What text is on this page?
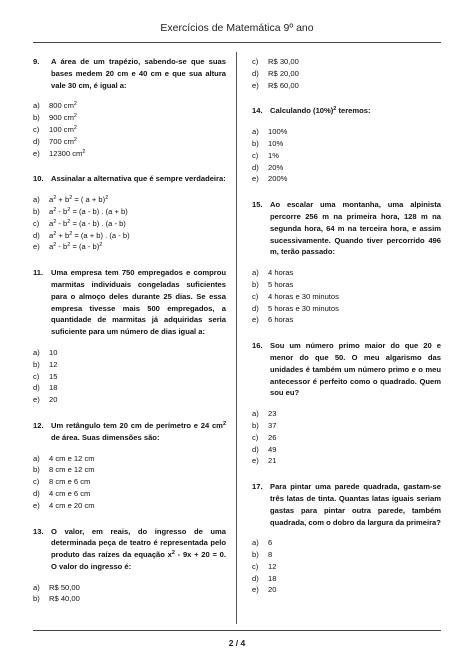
Exercícios de Matemática 9º ano
9.	A área de um trapézio, sabendo-se que suas bases medem 20 cm e 40 cm e que sua altura vale 30 cm, é igual a:
a)	800 $cm^2$
b)	900 $cm^2$
c)	100 $cm^2$
d)	700 $cm^2$
e)	12300 $cm^2$
10. Assinalar a alternativa que é sempre verdadeira:
a)	$a^2 + b^2$ = ( a + b)$^2$
b)	$a^2 - b^2 = (a - b)$ . (a + b)
c)	$a^2 - b^2 = (a - b)$ . (a - b)
d)	$a^2 + b^2 = (a + b)$ . (a - b)
e)	$a^2 - b^2 = (a - b)^2$
11.	Uma empresa tem 750 empregados e comprou marmitas individuais congeladas suficientes para o almoço deles durante 25 dias. Se essa empresa tivesse mais 500 empregados, a quantidade de marmitas já adquiridas seria suficiente para um número de dias igual a:
a)	10
b)	12
c)	15
d)	18
e)	20
12. Um retângulo tem 20 cm de perímetro e 24 $cm^2$ de área. Suas dimensões são:
a)	4 cm e 12 cm
b)	8 cm e 12 cm
c)	8 cm e 6 cm
d)	4 cm e 6 cm
e)	4 cm e 20 cm
13. O valor, em reais, do ingresso de uma determinada peça de teatro é representada pelo produto das raízes da equação $x^2 - 9x + 20 = 0$. O valor do ingresso é:
a)	R$ 50,00
b)	R$ 40,00
c)	R$ 30,00
d)	R$ 20,00
e)	R$ 60,00
14. Calculando $(10\%)^2$ teremos:
a)	100%
b)	10%
c)	1%
d)	20%
e)	200%
15. Ao escalar uma montanha, uma alpinista percorre 256 m na primeira hora, 128 m na segunda hora, 64 m na terceira hora, e assim sucessivamente. Quando tiver percorrido 496 m, terão passado:
a)	4 horas
b)	5 horas
c)	4 horas e 30 minutos
d)	5 horas e 30 minutos
e)	6 horas
16. Sou um número primo maior do que 20 e menor do que 50. O meu algarismo das unidades é também um número primo e o meu antecessor é perfeito como o quadrado. Quem sou eu?
a)	23
b)	37
c)	26
d)	49
e)	21
17. Para pintar uma parede quadrada, gastam-se três latas de tinta. Quantas latas iguais seriam gastas para pintar outra parede, também quadrada, com o dobro da largura da primeira?
a)	6
b)	8
c)	12
d)	18
e)	20
2 / 4
